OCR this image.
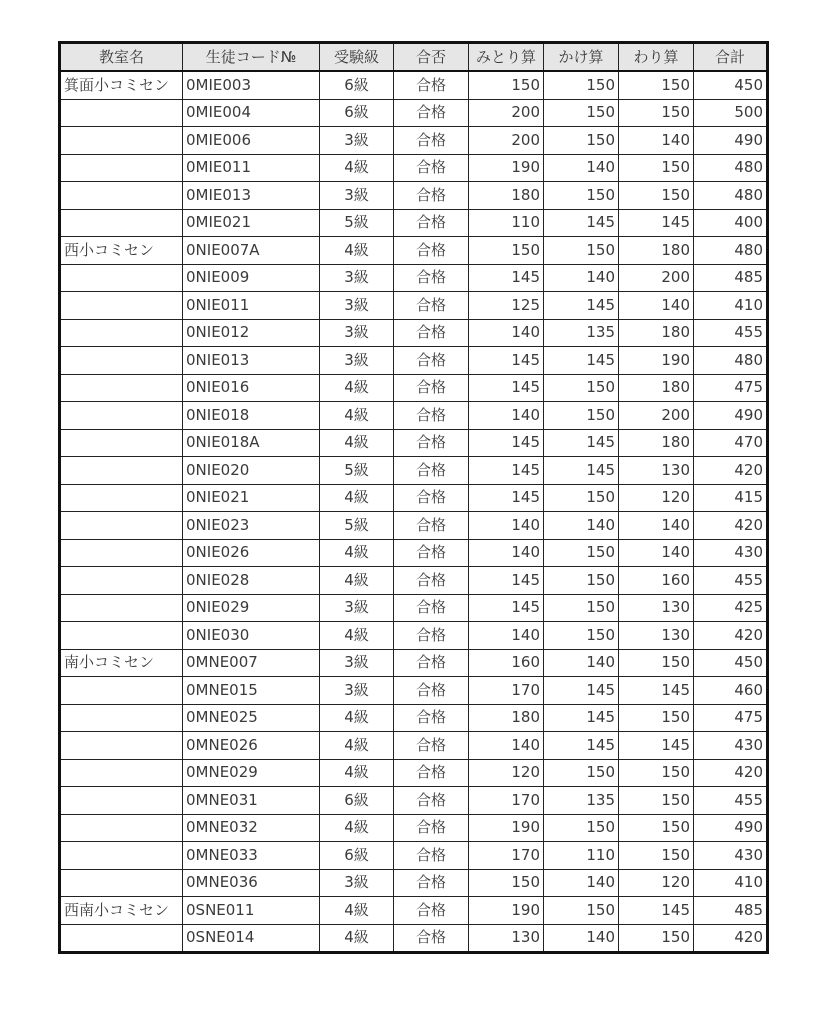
教室名	生徒コード№	受験級	合否	みとり算	かけ算	わり算	合計
箕面小コミセン	0MIE003	6級	合格	150	150	150	450
	0MIE004	6級	合格	200	150	150	500
	0MIE006	3級	合格	200	150	140	490
	0MIE011	4級	合格	190	140	150	480
	0MIE013	3級	合格	180	150	150	480
	0MIE021	5級	合格	110	145	145	400
西小コミセン	0NIE007A	4級	合格	150	150	180	480
	0NIE009	3級	合格	145	140	200	485
	0NIE011	3級	合格	125	145	140	410
	0NIE012	3級	合格	140	135	180	455
	0NIE013	3級	合格	145	145	190	480
	0NIE016	4級	合格	145	150	180	475
	0NIE018	4級	合格	140	150	200	490
	0NIE018A	4級	合格	145	145	180	470
	0NIE020	5級	合格	145	145	130	420
	0NIE021	4級	合格	145	150	120	415
	0NIE023	5級	合格	140	140	140	420
	0NIE026	4級	合格	140	150	140	430
	0NIE028	4級	合格	145	150	160	455
	0NIE029	3級	合格	145	150	130	425
	0NIE030	4級	合格	140	150	130	420
南小コミセン	0MNE007	3級	合格	160	140	150	450
	0MNE015	3級	合格	170	145	145	460
	0MNE025	4級	合格	180	145	150	475
	0MNE026	4級	合格	140	145	145	430
	0MNE029	4級	合格	120	150	150	420
	0MNE031	6級	合格	170	135	150	455
	0MNE032	4級	合格	190	150	150	490
	0MNE033	6級	合格	170	110	150	430
	0MNE036	3級	合格	150	140	120	410
西南小コミセン	0SNE011	4級	合格	190	150	145	485
	0SNE014	4級	合格	130	140	150	420
